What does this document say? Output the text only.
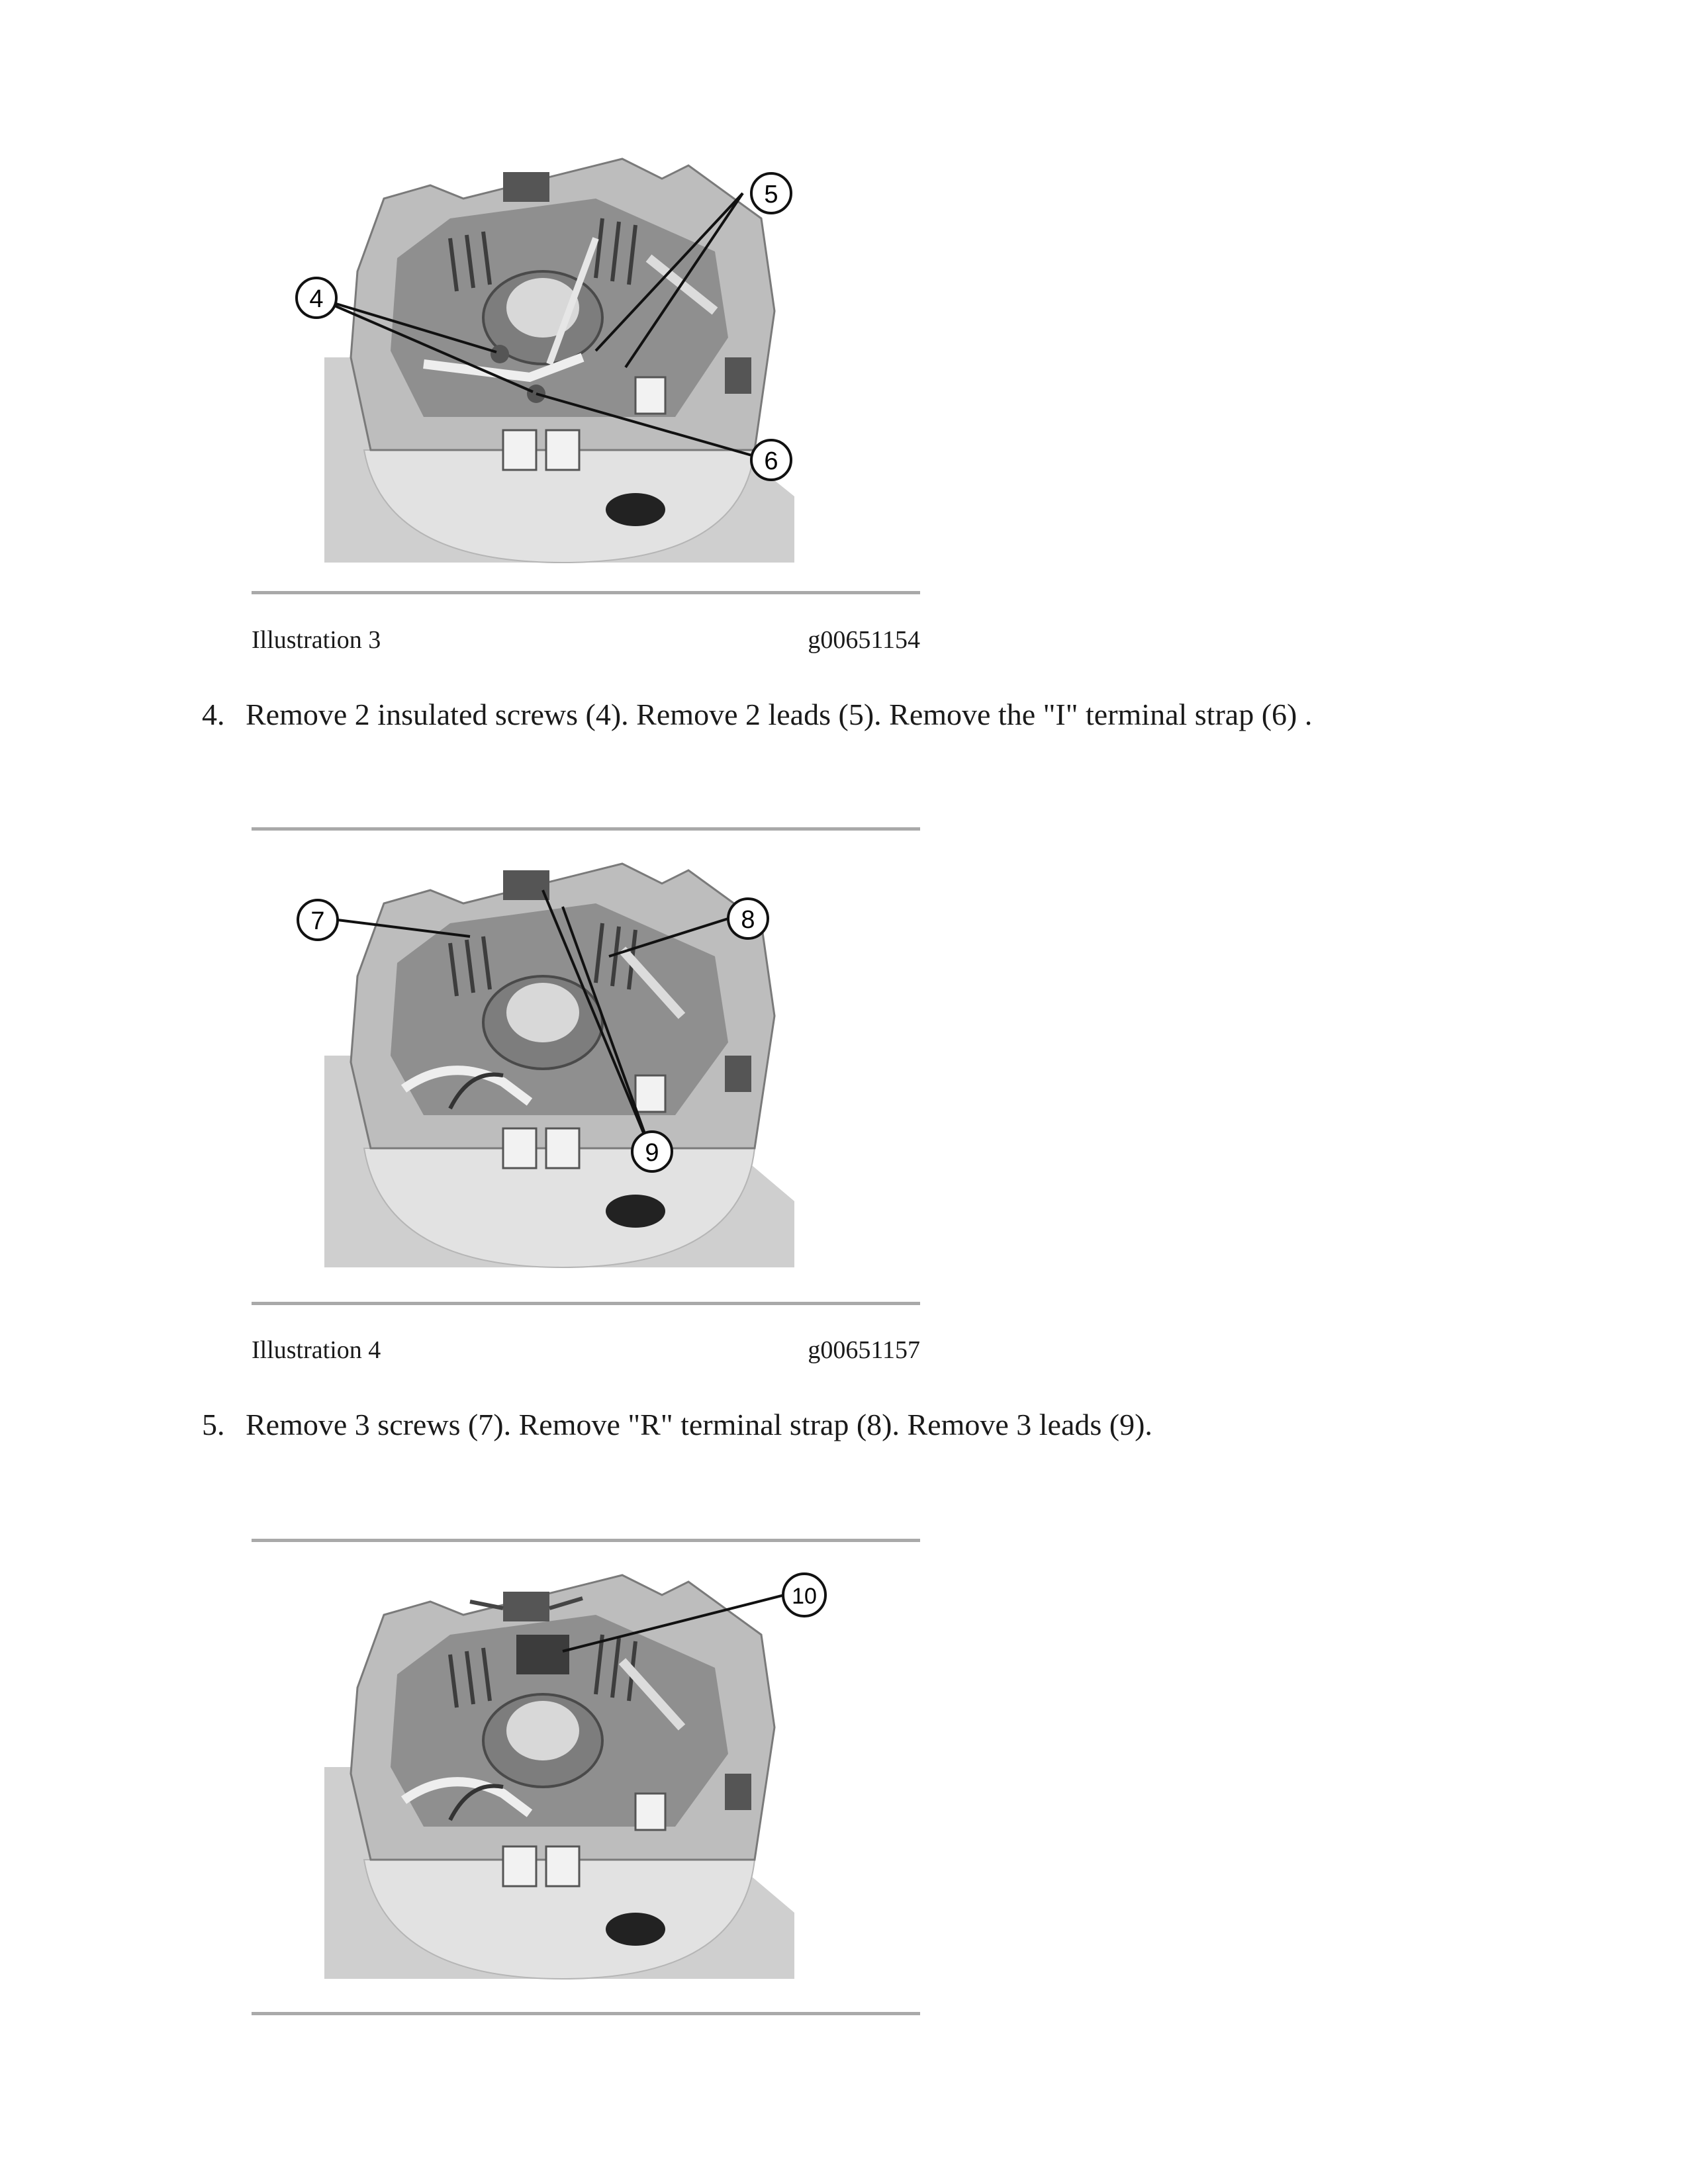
4
5
6
Illustration 3	g00651154
4. Remove 2 insulated screws (4). Remove 2 leads (5). Remove the "I" terminal strap (6) .
7	8
9
Illustration 4	g00651157
5. Remove 3 screws (7). Remove "R" terminal strap (8). Remove 3 leads (9).
10
